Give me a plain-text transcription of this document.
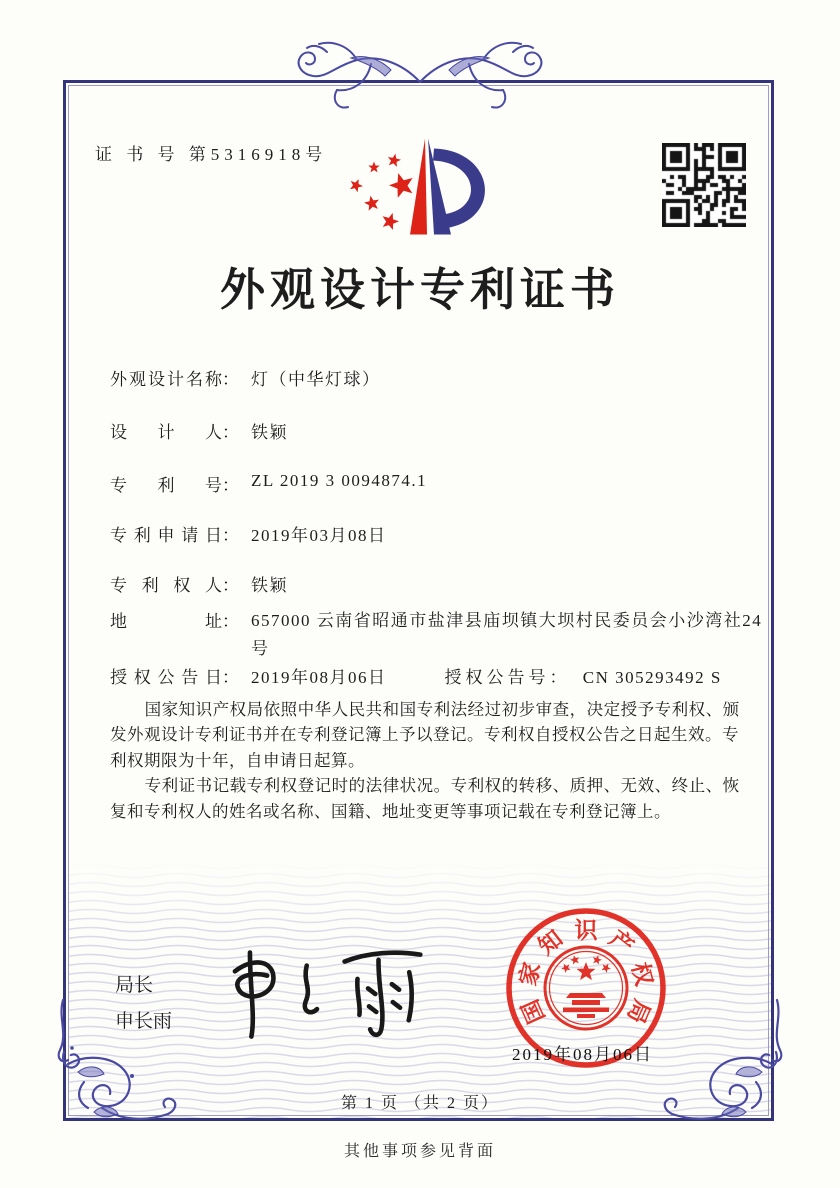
证 书 号 第5316918号
外观设计专利证书
外观设计名称 ： 灯（中华灯球）
设计人 ： 铁颖
专利号 ： ZL 2019 3 0094874.1
专利申请日 ： 2019年03月08日
专利权人 ： 铁颖
地址 ： 657000 云南省昭通市盐津县庙坝镇大坝村民委员会小沙湾社24号
授权公告日 ： 2019年08月06日	授权公告号： CN 305293492 S

国家知识产权局依照中华人民共和国专利法经过初步审查，决定授予专利权、颁发外观设计专利证书并在专利登记簿上予以登记。专利权自授权公告之日起生效。专利权期限为十年，自申请日起算。

专利证书记载专利权登记时的法律状况。专利权的转移、质押、无效、终止、恢复和专利权人的姓名或名称、国籍、地址变更等事项记载在专利登记簿上。

局长
申长雨	国
家
知 识 产
权
局
2019年08月06日
第 1 页 （共 2 页）
其他事项参见背面
